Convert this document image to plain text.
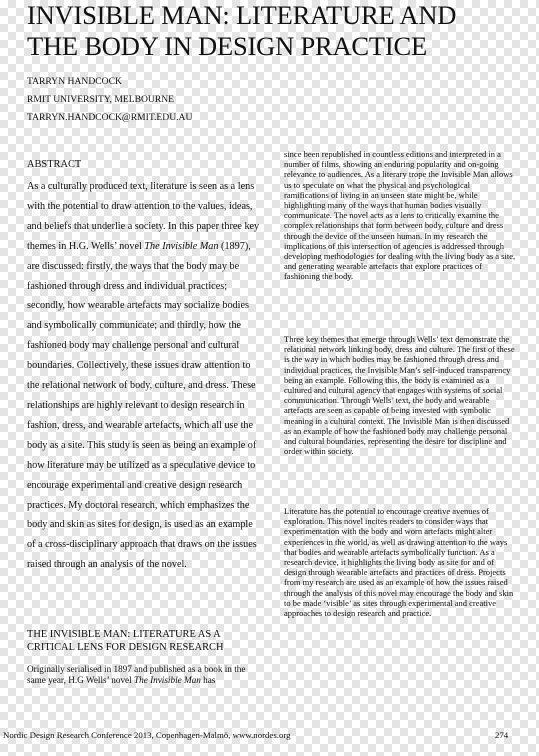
INVISIBLE MAN: LITERATURE AND
THE BODY IN DESIGN PRACTICE
TARRYN HANDCOCK
RMIT UNIVERSITY, MELBOURNE
TARRYN.HANDCOCK@RMIT.EDU.AU
ABSTRACT

As a culturally produced text, literature is seen as a lens with the potential to draw attention to the values, ideas, and beliefs that underlie a society. In this paper three key themes in H.G. Wells’ novel The Invisible Man (1897), are discussed: firstly, the ways that the body may be fashioned through dress and individual practices; secondly, how wearable artefacts may socialize bodies and symbolically communicate; and thirdly, how the fashioned body may challenge personal and cultural boundaries. Collectively, these issues draw attention to the relational network of body, culture, and dress. These relationships are highly relevant to design research in fashion, dress, and wearable artefacts, which all use the body as a site. This study is seen as being an example of how literature may be utilized as a speculative device to encourage experimental and creative design research practices. My doctoral research, which emphasizes the body and skin as sites for design, is used as an example of a cross-disciplinary approach that draws on the issues raised through an analysis of the novel.

THE INVISIBLE MAN: LITERATURE AS A
CRITICAL LENS FOR DESIGN RESEARCH

Originally serialised in 1897 and published as a book in the same year, H.G Wells’ novel The Invisible Man has

since been republished in countless editions and interpreted in a number of films, showing an enduring popularity and on-going relevance to audiences. As a literary trope the Invisible Man allows us to speculate on what the physical and psychological ramifications of living in an unseen state might be, while highlighting many of the ways that human bodies visually communicate. The novel acts as a lens to critically examine the complex relationships that form between body, culture and dress through the device of the unseen human. In my research the implications of this intersection of agencies is addressed through developing methodologies for dealing with the living body as a site, and generating wearable artefacts that explore practices of fashioning the body.
Three key themes that emerge through Wells’ text demonstrate the relational network linking body, dress and culture. The first of these is the way in which bodies may be fashioned through dress and individual practices, the Invisible Man’s self-induced transparency being an example. Following this, the body is examined as a cultured and cultural agency that engages with systems of social communication. Through Wells’ text, the body and wearable artefacts are seen as capable of being invested with symbolic meaning in a cultural context. The Invisible Man is then discussed as an example of how the fashioned body may challenge personal and cultural boundaries, representing the desire for discipline and order within society.
Literature has the potential to encourage creative avenues of exploration. This novel incites readers to consider ways that experimentation with the body and worn artefacts might alter experiences in the world, as well as drawing attention to the ways that bodies and wearable artefacts symbolically function. As a research device, it highlights the living body as site for and of design through wearable artefacts and practices of dress. Projects from my research are used as an example of how the issues raised through the analysis of this novel may encourage the body and skin to be made ‘visible’ as sites through experimental and creative approaches to design research and practice.
Nordic Design Research Conference 2013, Copenhagen-Malmö, www.nordes.org	274
